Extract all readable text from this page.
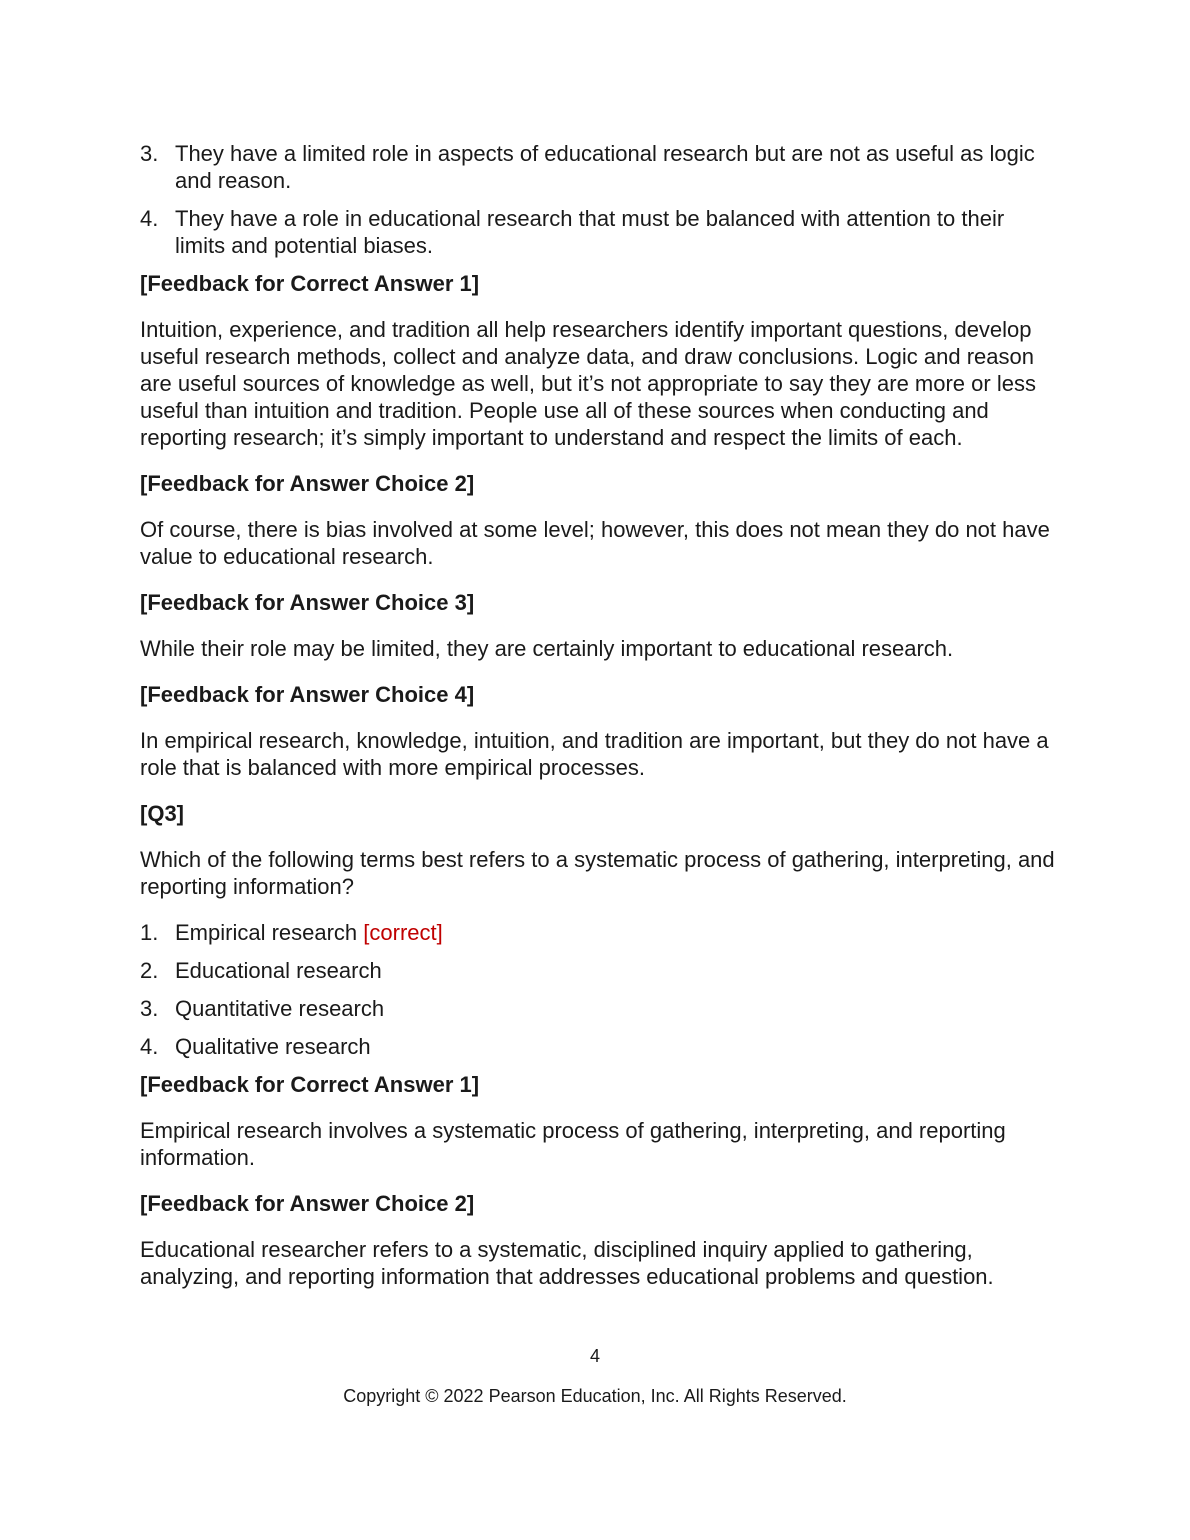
3. They have a limited role in aspects of educational research but are not as useful as logic and reason.
4. They have a role in educational research that must be balanced with attention to their limits and potential biases.

[Feedback for Correct Answer 1]

Intuition, experience, and tradition all help researchers identify important questions, develop useful research methods, collect and analyze data, and draw conclusions. Logic and reason are useful sources of knowledge as well, but it’s not appropriate to say they are more or less useful than intuition and tradition. People use all of these sources when conducting and reporting research; it’s simply important to understand and respect the limits of each.

[Feedback for Answer Choice 2]

Of course, there is bias involved at some level; however, this does not mean they do not have value to educational research.

[Feedback for Answer Choice 3]

While their role may be limited, they are certainly important to educational research.

[Feedback for Answer Choice 4]

In empirical research, knowledge, intuition, and tradition are important, but they do not have a role that is balanced with more empirical processes.

[Q3]

Which of the following terms best refers to a systematic process of gathering, interpreting, and reporting information?

1. Empirical research [correct]
2. Educational research
3. Quantitative research
4. Qualitative research

[Feedback for Correct Answer 1]

Empirical research involves a systematic process of gathering, interpreting, and reporting information.

[Feedback for Answer Choice 2]

Educational researcher refers to a systematic, disciplined inquiry applied to gathering, analyzing, and reporting information that addresses educational problems and question.

4
Copyright © 2022 Pearson Education, Inc. All Rights Reserved.
